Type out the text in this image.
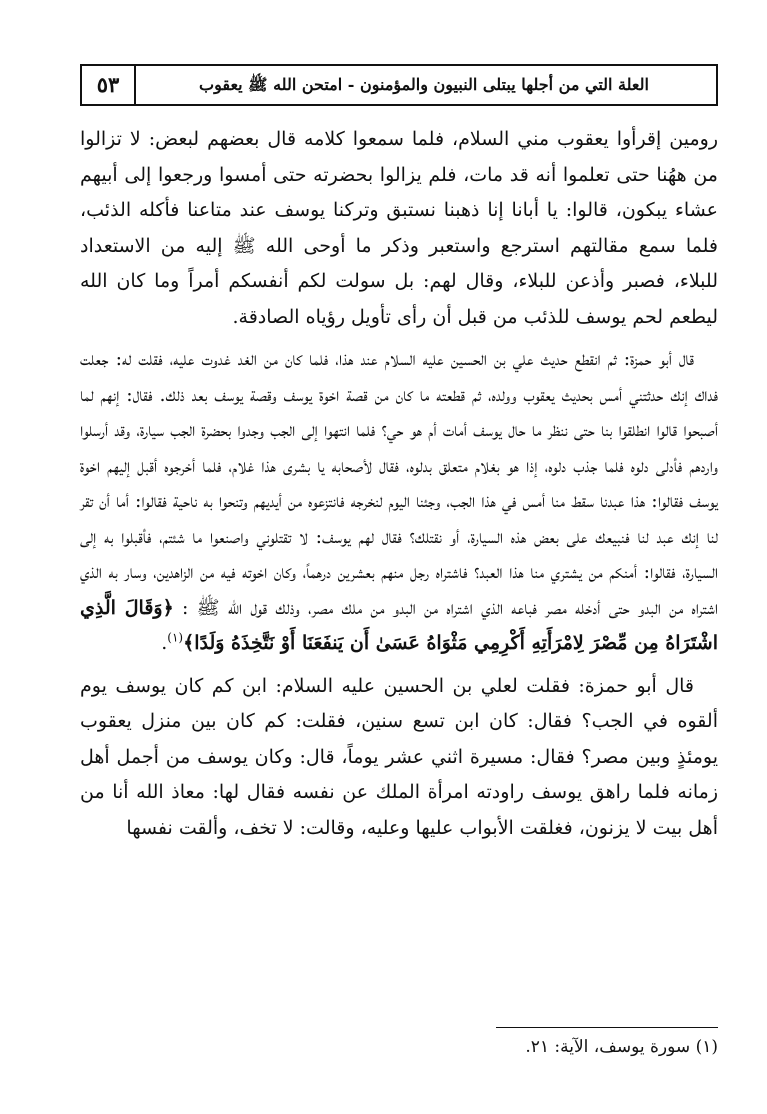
٥٣	العلة التي من أجلها يبتلى النبيون والمؤمنون - امتحن الله ﷺ يعقوب

رومين إقرأوا يعقوب مني السلام، فلما سمعوا كلامه قال بعضهم لبعض: لا تزالوا من ههُنا حتى تعلموا أنه قد مات، فلم يزالوا بحضرته حتى أمسوا ورجعوا إلى أبيهم عشاء يبكون، قالوا: يا أبانا إنا ذهبنا نستبق وتركنا يوسف عند متاعنا فأكله الذئب، فلما سمع مقالتهم استرجع واستعبر وذكر ما أوحى الله ﷺ إليه من الاستعداد للبلاء، فصبر وأذعن للبلاء، وقال لهم: بل سولت لكم أنفسكم أمراً وما كان الله ليطعم لحم يوسف للذئب من قبل أن رأى تأويل رؤياه الصادقة.

قال أبو حمزة: ثم انقطع حديث علي بن الحسين عليه السلام عند هذا، فلما كان من الغد غدوت عليه، فقلت له: جعلت فداك إنك حدثتني أمس بحديث يعقوب وولده، ثم قطعته ما كان من قصة اخوة يوسف وقصة يوسف بعد ذلك. فقال: إنهم لما أصبحوا قالوا انطلقوا بنا حتى ننظر ما حال يوسف أمات أم هو حي؟ فلما انتهوا إلى الجب وجدوا بحضرة الجب سيارة، وقد أرسلوا واردهم فأدلى دلوه فلما جذب دلوه، إذا هو بغلام متعلق بدلوه، فقال لأصحابه يا بشرى هذا غلام، فلما أخرجوه أقبل إليهم اخوة يوسف فقالوا: هذا عبدنا سقط منا أمس في هذا الجب، وجئنا اليوم لنخرجه فانتزعوه من أيديهم وتنحوا به ناحية فقالوا: أما أن تقر لنا إنك عبد لنا فنبيعك على بعض هذه السيارة، أو نقتلك؟ فقال لهم يوسف: لا تقتلوني واصنعوا ما شئتم، فأقبلوا به إلى السيارة، فقالوا: أمنكم من يشتري منا هذا العبد؟ فاشتراه رجل منهم بعشرين درهماً، وكان اخوته فيه من الزاهدين، وسار به الذي اشتراه من البدو حتى أدخله مصر فباعه الذي اشتراه من البدو من ملك مصر، وذلك قول الله ﷺ : ﴿وَقَالَ الَّذِي اشْتَرَاهُ مِن مِّصْرَ لِامْرَأَتِهِ أَكْرِمِي مَثْوَاهُ عَسَىٰ أَن يَنفَعَنَا أَوْ نَتَّخِذَهُ وَلَدًا﴾$^{(١)}$.

قال أبو حمزة: فقلت لعلي بن الحسين عليه السلام: ابن كم كان يوسف يوم ألقوه في الجب؟ فقال: كان ابن تسع سنين، فقلت: كم كان بين منزل يعقوب يومئذٍ وبين مصر؟ فقال: مسيرة اثني عشر يوماً، قال: وكان يوسف من أجمل أهل زمانه فلما راهق يوسف راودته امرأة الملك عن نفسه فقال لها: معاذ الله أنا من أهل بيت لا يزنون، فغلقت الأبواب عليها وعليه، وقالت: لا تخف، وألقت نفسها

(١) سورة يوسف، الآية: ٢١.
